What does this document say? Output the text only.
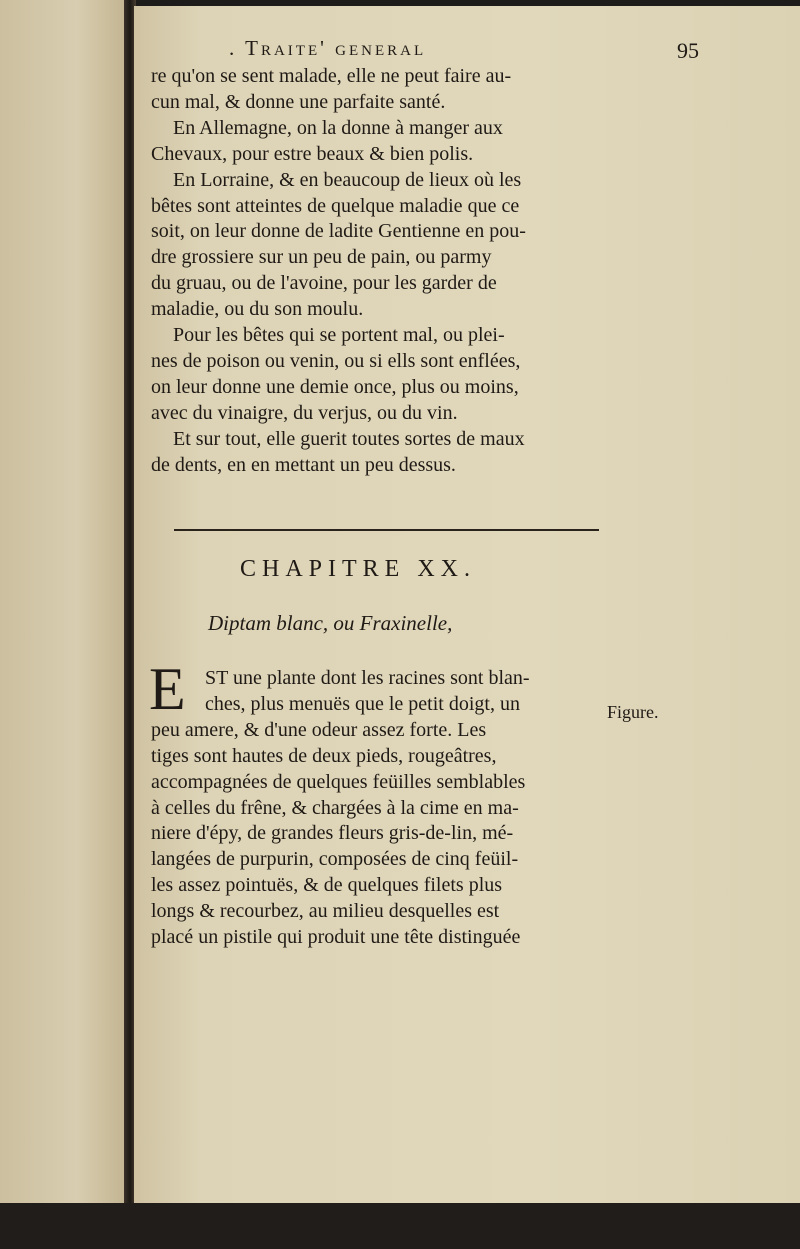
. Traite' general	95
re qu'on se sent malade, elle ne peut faire au-
cun mal, & donne une parfaite santé.
En Allemagne, on la donne à manger aux
Chevaux, pour estre beaux & bien polis.
En Lorraine, & en beaucoup de lieux où les
bêtes sont atteintes de quelque maladie que ce
soit, on leur donne de ladite Gentienne en pou-
dre grossiere sur un peu de pain, ou parmy
du gruau, ou de l'avoine, pour les garder de
maladie, ou du son moulu.
Pour les bêtes qui se portent mal, ou plei-
nes de poison ou venin, ou si ells sont enflées,
on leur donne une demie once, plus ou moins,
avec du vinaigre, du verjus, ou du vin.
Et sur tout, elle guerit toutes sortes de maux
de dents, en en mettant un peu dessus.
CHAPITRE XX.
Diptam blanc, ou Fraxinelle,
E ST une plante dont les racines sont blan-
ches, plus menuës que le petit doigt, un
peu amere, & d'une odeur assez forte. Les
tiges sont hautes de deux pieds, rougeâtres,
accompagnées de quelques feüilles semblables
à celles du frêne, & chargées à la cime en ma-
niere d'épy, de grandes fleurs gris-de-lin, mé-
langées de purpurin, composées de cinq feüil-
les assez pointuës, & de quelques filets plus
longs & recourbez, au milieu desquelles est
placé un pistile qui produit une tête distinguée
Figure.
